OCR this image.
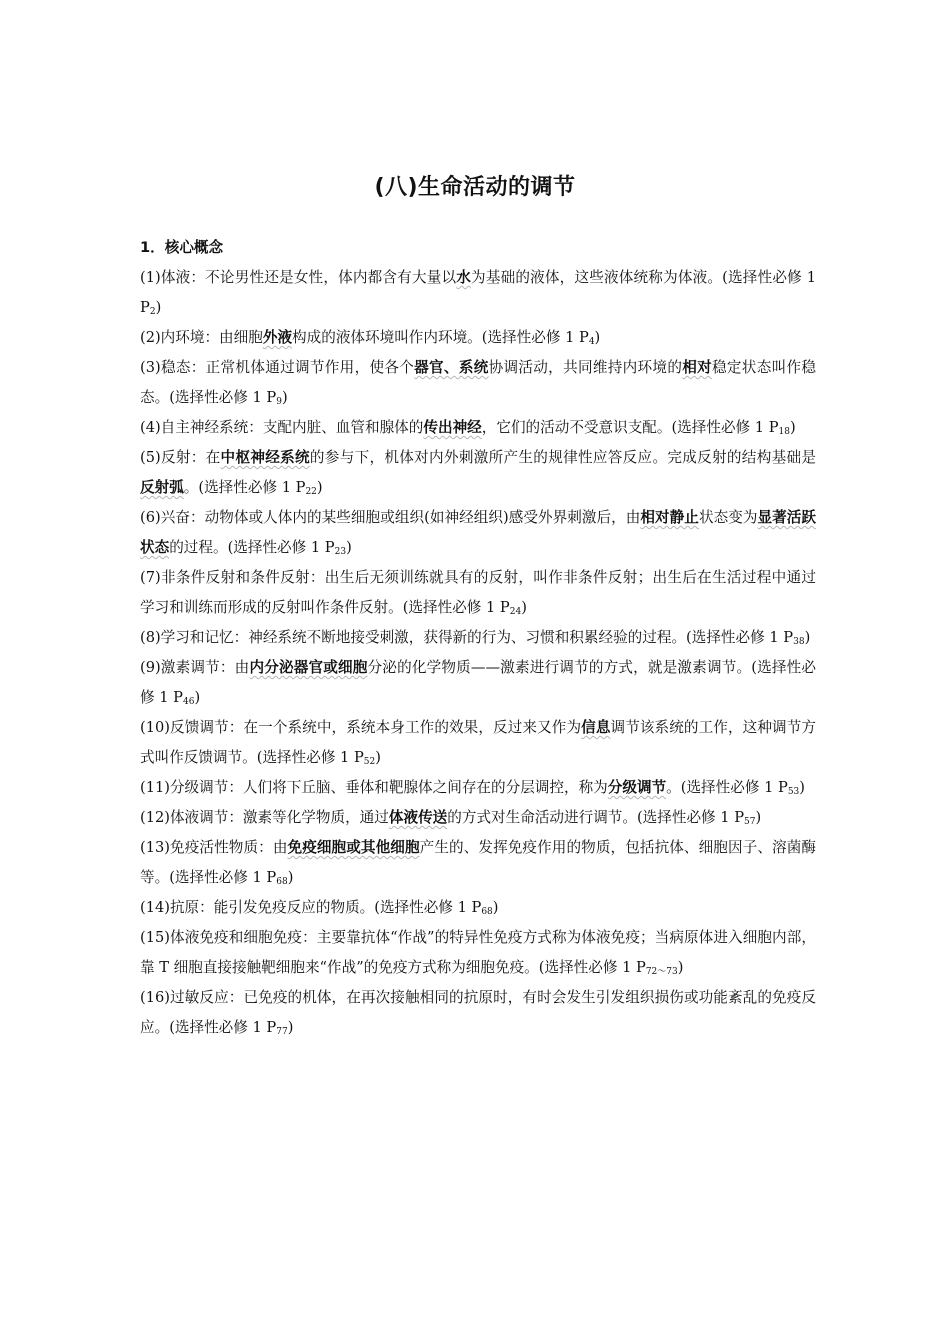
(八)生命活动的调节
1．核心概念
(1)体液：不论男性还是女性，体内都含有大量以水为基础的液体，这些液体统称为体液。(选择性必修 1 $P_2$)
(2)内环境：由细胞外液构成的液体环境叫作内环境。(选择性必修 1 $P_4$)
(3)稳态：正常机体通过调节作用，使各个器官、系统协调活动，共同维持内环境的相对稳定状态叫作稳态。(选择性必修 1 $P_9$)
(4)自主神经系统：支配内脏、血管和腺体的传出神经，它们的活动不受意识支配。(选择性必修 1 $P_{18}$)
(5)反射：在中枢神经系统的参与下，机体对内外刺激所产生的规律性应答反应。完成反射的结构基础是反射弧。(选择性必修 1 $P_{22}$)
(6)兴奋：动物体或人体内的某些细胞或组织(如神经组织)感受外界刺激后，由相对静止状态变为显著活跃状态的过程。(选择性必修 1 $P_{23}$)
(7)非条件反射和条件反射：出生后无须训练就具有的反射，叫作非条件反射；出生后在生活过程中通过学习和训练而形成的反射叫作条件反射。(选择性必修 1 $P_{24}$)
(8)学习和记忆：神经系统不断地接受刺激，获得新的行为、习惯和积累经验的过程。(选择性必修 1 $P_{38}$)
(9)激素调节：由内分泌器官或细胞分泌的化学物质——激素进行调节的方式，就是激素调节。(选择性必修 1 $P_{46}$)
(10)反馈调节：在一个系统中，系统本身工作的效果，反过来又作为信息调节该系统的工作，这种调节方式叫作反馈调节。(选择性必修 1 $P_{52}$)
(11)分级调节：人们将下丘脑、垂体和靶腺体之间存在的分层调控，称为分级调节。(选择性必修 1 $P_{53}$)
(12)体液调节：激素等化学物质，通过体液传送的方式对生命活动进行调节。(选择性必修 1 $P_{57}$)
(13)免疫活性物质：由免疫细胞或其他细胞产生的、发挥免疫作用的物质，包括抗体、细胞因子、溶菌酶等。(选择性必修 1 $P_{68}$)
(14)抗原：能引发免疫反应的物质。(选择性必修 1 $P_{68}$)
(15)体液免疫和细胞免疫：主要靠抗体“作战”的特异性免疫方式称为体液免疫；当病原体进入细胞内部，靠 T 细胞直接接触靶细胞来“作战”的免疫方式称为细胞免疫。(选择性必修 1 $P_{72\sim 73}$)
(16)过敏反应：已免疫的机体，在再次接触相同的抗原时，有时会发生引发组织损伤或功能紊乱的免疫反应。(选择性必修 1 $P_{77}$)
